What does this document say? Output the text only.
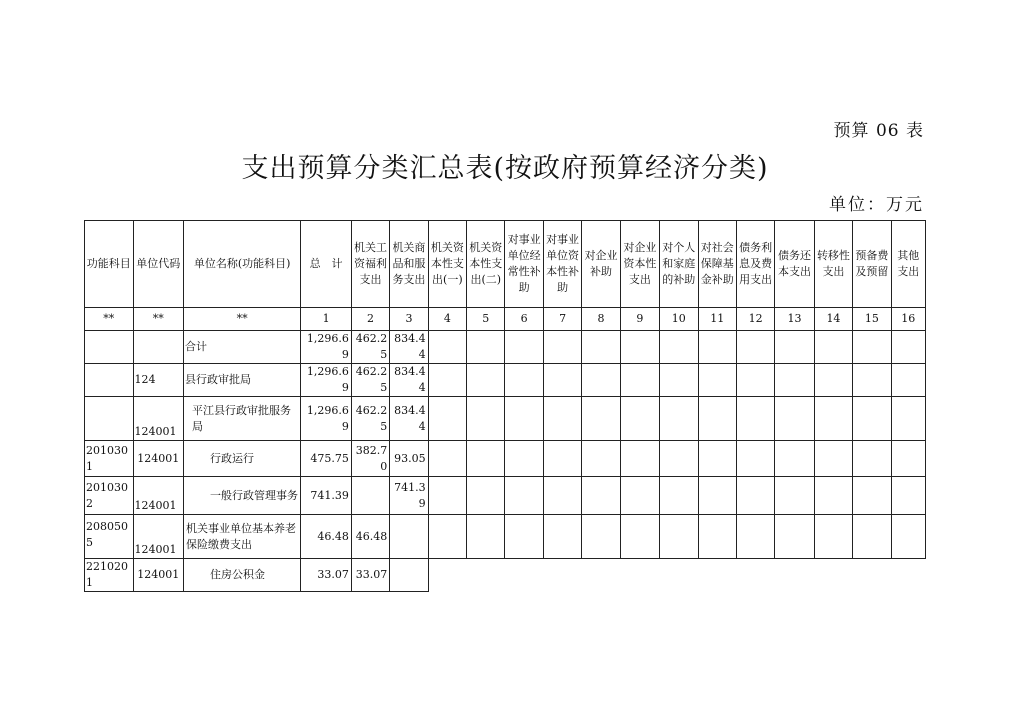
预算 06 表
支出预算分类汇总表(按政府预算经济分类)
单位：万元
功能科目	单位代码	单位名称(功能科目)	总　计	机关工资福利支出	机关商品和服务支出	机关资本性支出(一)	机关资本性支出(二)	对事业单位经常性补助	对事业单位资本性补助	对企业补助	对企业资本性支出	对个人和家庭的补助	对社会保障基金补助	债务利息及费用支出	债务还本支出	转移性支出	预备费及预留	其他支出
**	**	**	1	2	3	4	5	6	7	8	9	10	11	12	13	14	15	16
		合计	1,296.69	462.25	834.44													
	124	县行政审批局	1,296.69	462.25	834.44													
	124001	平江县行政审批服务局	1,296.69	462.25	834.44													
2010301	124001	行政运行	475.75	382.70	93.05													
2010302	124001	一般行政管理事务	741.39		741.39													
2080505	124001	机关事业单位基本养老保险缴费支出	46.48	46.48														
2210201	124001	住房公积金	33.07	33.07														
